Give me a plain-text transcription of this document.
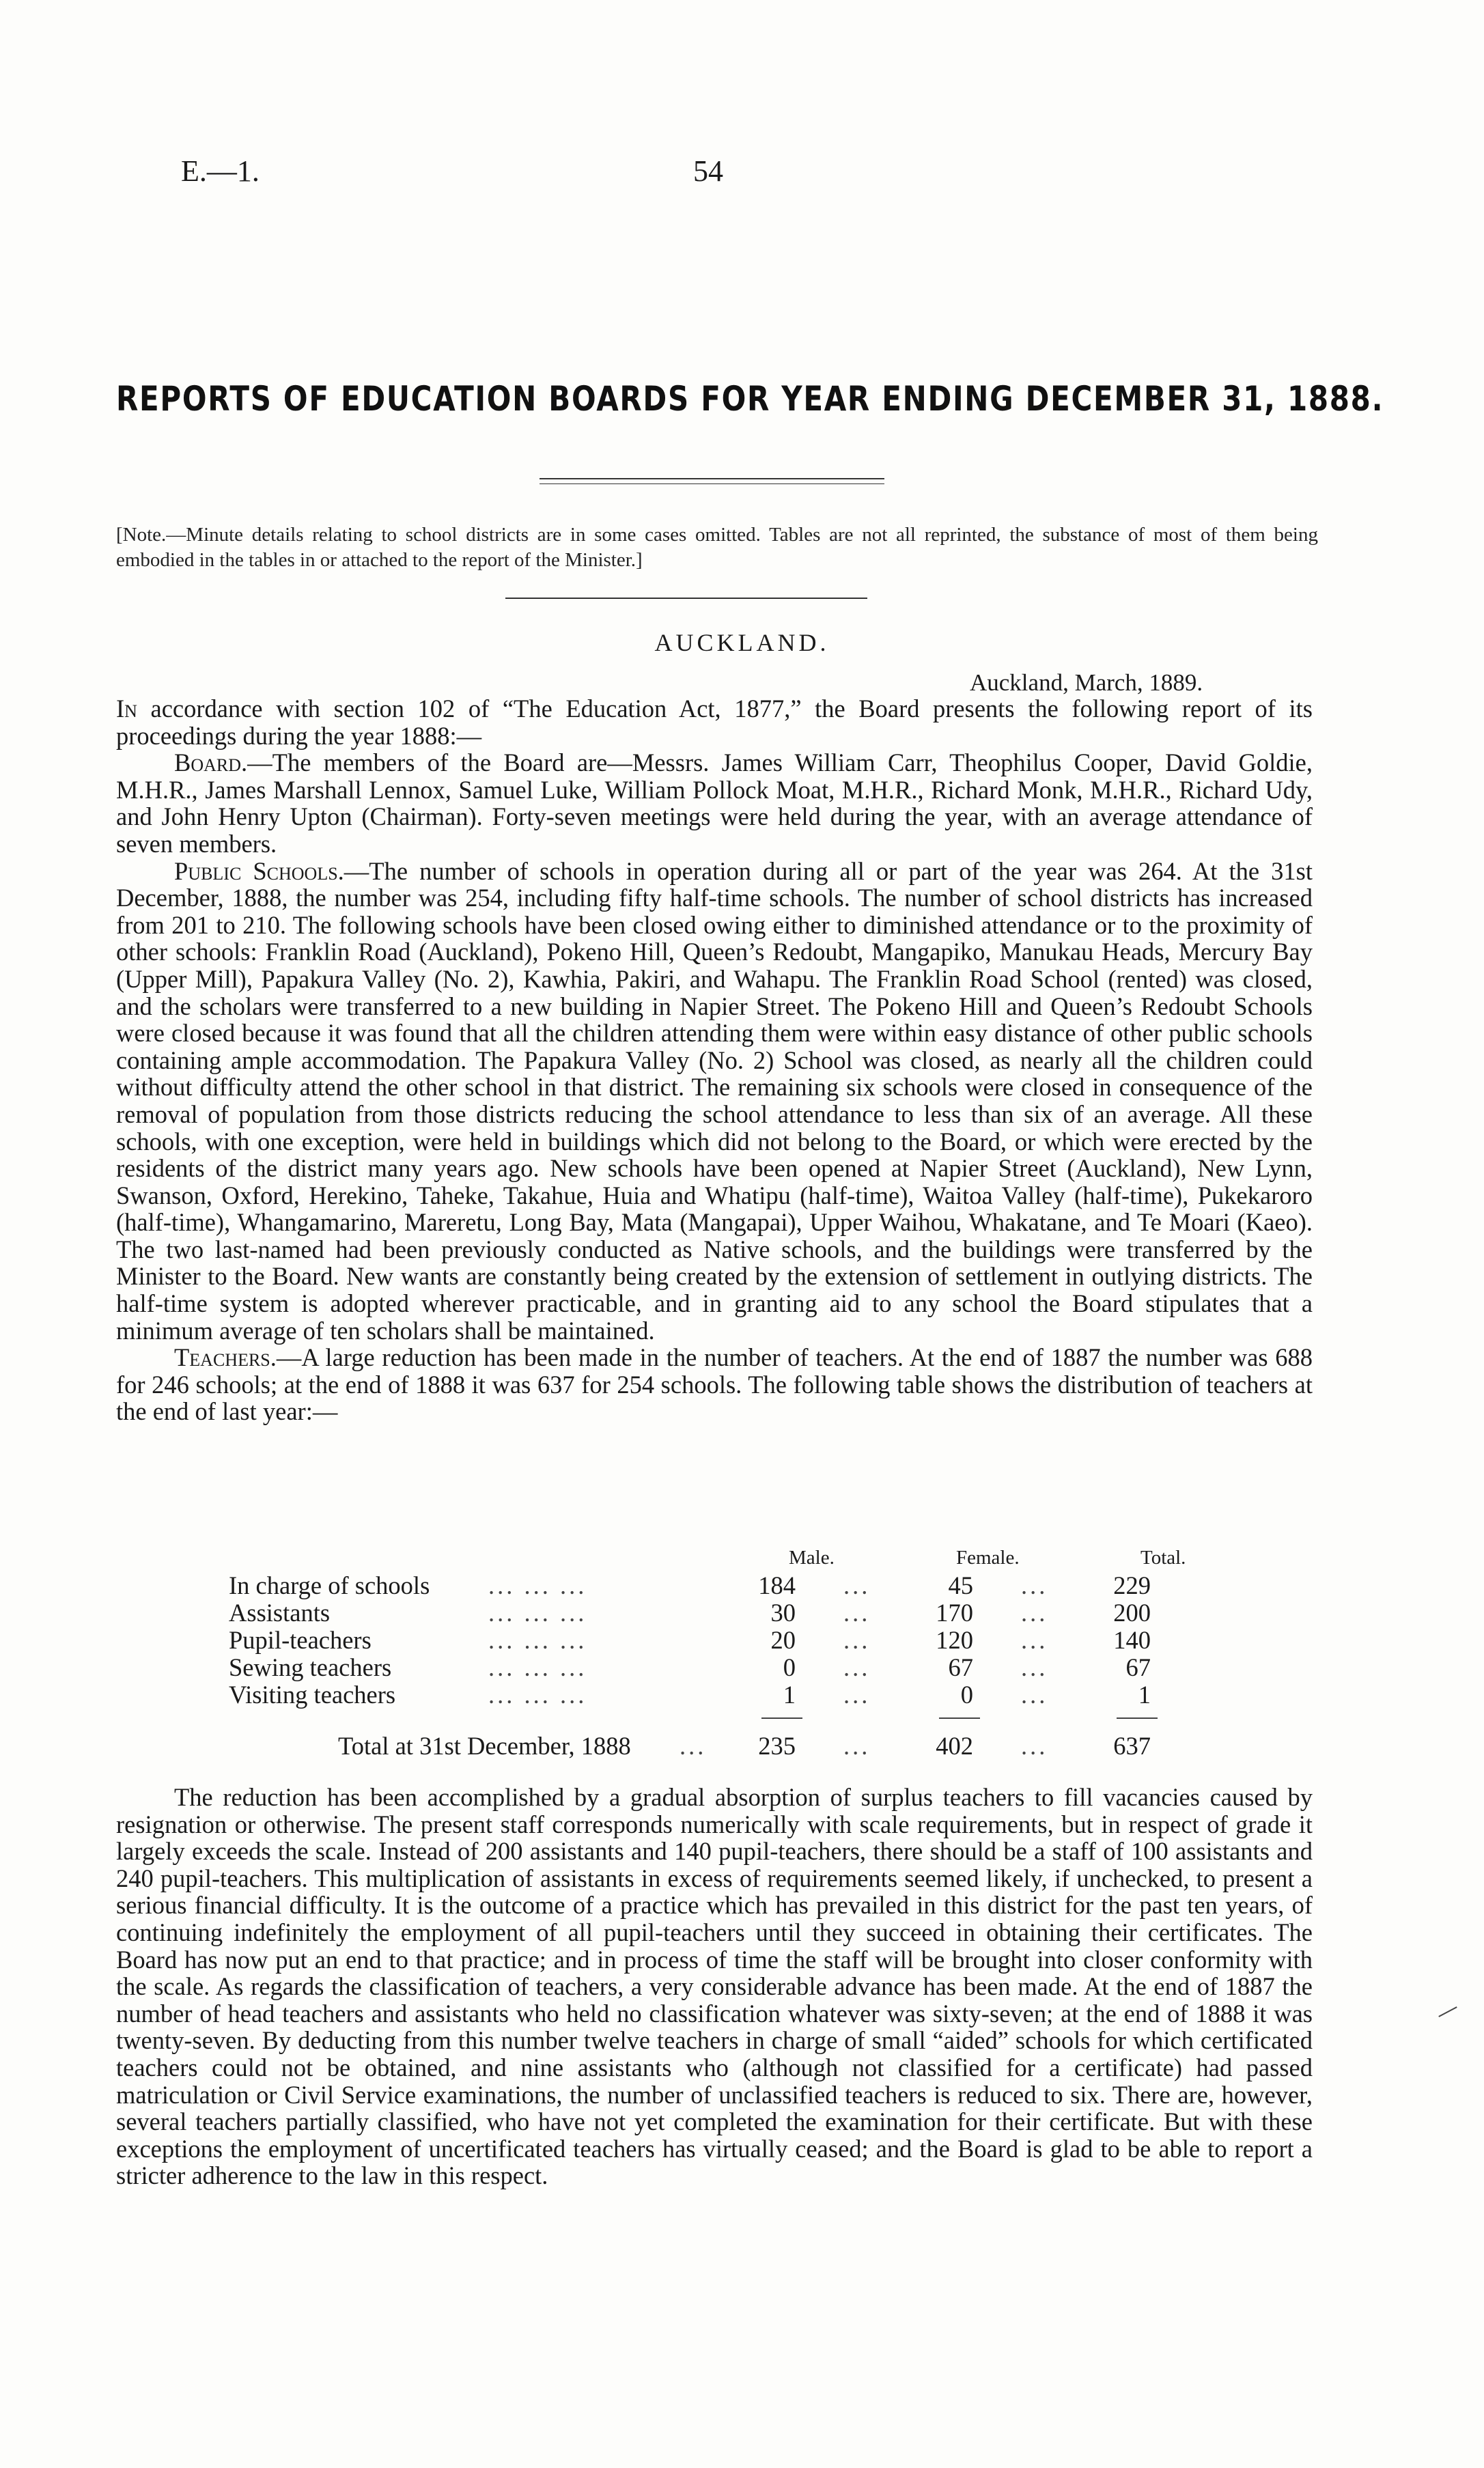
E.—1.	54
REPORTS OF EDUCATION BOARDS FOR YEAR ENDING DECEMBER 31, 1888.
[Note.—Minute details relating to school districts are in some cases omitted. Tables are not all reprinted, the substance of most of them being embodied in the tables in or attached to the report of the Minister.]
AUCKLAND.
Auckland, March, 1889.

In accordance with section 102 of “The Education Act, 1877,” the Board presents the following report of its proceedings during the year 1888:—

Board.—The members of the Board are—Messrs. James William Carr, Theophilus Cooper, David Goldie, M.H.R., James Marshall Lennox, Samuel Luke, William Pollock Moat, M.H.R., Richard Monk, M.H.R., Richard Udy, and John Henry Upton (Chairman). Forty-seven meetings were held during the year, with an average attendance of seven members.

Public Schools.—The number of schools in operation during all or part of the year was 264. At the 31st December, 1888, the number was 254, including fifty half-time schools. The number of school districts has increased from 201 to 210. The following schools have been closed owing either to diminished attendance or to the proximity of other schools: Franklin Road (Auckland), Pokeno Hill, Queen’s Redoubt, Mangapiko, Manukau Heads, Mercury Bay (Upper Mill), Papakura Valley (No. 2), Kawhia, Pakiri, and Wahapu. The Franklin Road School (rented) was closed, and the scholars were transferred to a new building in Napier Street. The Pokeno Hill and Queen’s Redoubt Schools were closed because it was found that all the children attending them were within easy distance of other public schools containing ample accommodation. The Papakura Valley (No. 2) School was closed, as nearly all the children could without difficulty attend the other school in that district. The remaining six schools were closed in consequence of the removal of population from those districts reducing the school attendance to less than six of an average. All these schools, with one exception, were held in buildings which did not belong to the Board, or which were erected by the residents of the district many years ago. New schools have been opened at Napier Street (Auckland), New Lynn, Swanson, Oxford, Herekino, Taheke, Takahue, Huia and Whatipu (half-time), Waitoa Valley (half-time), Pukekaroro (half-time), Whangamarino, Mareretu, Long Bay, Mata (Mangapai), Upper Waihou, Whakatane, and Te Moari (Kaeo). The two last-named had been previously conducted as Native schools, and the buildings were transferred by the Minister to the Board. New wants are constantly being created by the extension of settlement in outlying districts. The half-time system is adopted wherever practicable, and in granting aid to any school the Board stipulates that a minimum average of ten scholars shall be maintained.

Teachers.—A large reduction has been made in the number of teachers. At the end of 1887 the number was 688 for 246 schools; at the end of 1888 it was 637 for 254 schools. The following table shows the distribution of teachers at the end of last year:—

Male.	Female.	Total.
In charge of schools ... ... ...	184 ...	45 ...	229
Assistants	... ... ...	30 ...	170 ...	200
Pupil-teachers	... ... ...	20 ...	120 ...	140
Sewing teachers	... ... ...	0 ...	67 ...	67
Visiting teachers	... ... ...	1 ...	0 ...	1
Total at 31st December, 1888 ...	235 ...	402 ...	637

The reduction has been accomplished by a gradual absorption of surplus teachers to fill vacancies caused by resignation or otherwise. The present staff corresponds numerically with scale requirements, but in respect of grade it largely exceeds the scale. Instead of 200 assistants and 140 pupil-teachers, there should be a staff of 100 assistants and 240 pupil-teachers. This multiplication of assistants in excess of requirements seemed likely, if unchecked, to present a serious financial difficulty. It is the outcome of a practice which has prevailed in this district for the past ten years, of continuing indefinitely the employment of all pupil-teachers until they succeed in obtaining their certificates. The Board has now put an end to that practice; and in process of time the staff will be brought into closer conformity with the scale. As regards the classification of teachers, a very considerable advance has been made. At the end of 1887 the number of head teachers and assistants who held no classification whatever was sixty-seven; at the end of 1888 it was twenty-seven. By deducting from this number twelve teachers in charge of small “aided” schools for which certificated teachers could not be obtained, and nine assistants who (although not classified for a certificate) had passed matriculation or Civil Service examinations, the number of unclassified teachers is reduced to six. There are, however, several teachers partially classified, who have not yet completed the examination for their certificate. But with these exceptions the employment of uncertificated teachers has virtually ceased; and the Board is glad to be able to report a stricter adherence to the law in this respect.
